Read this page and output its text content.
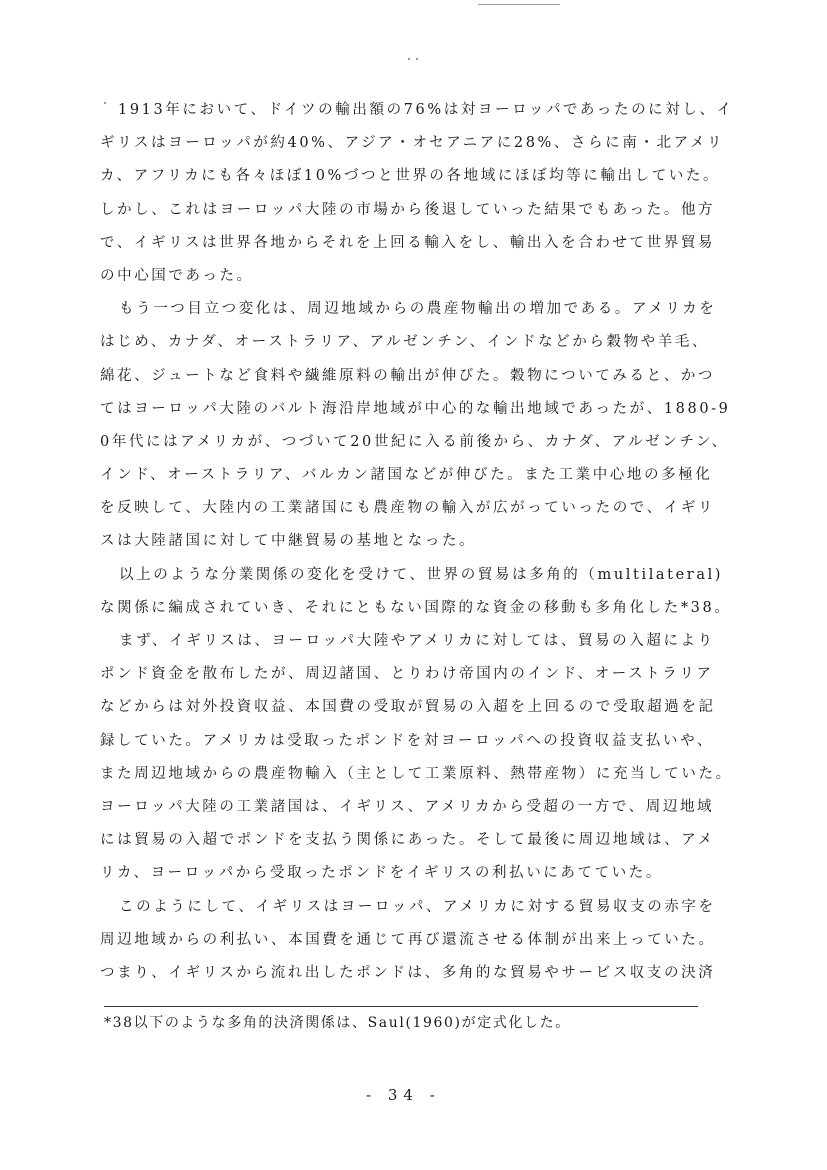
1913年において、ドイツの輸出額の76%は対ヨーロッパであったのに対し、イ
ギリスはヨーロッパが約40%、アジア・オセアニアに28%、さらに南・北アメリ
カ、アフリカにも各々ほぼ10%づつと世界の各地域にほぼ均等に輸出していた。
しかし、これはヨーロッパ大陸の市場から後退していった結果でもあった。他方
で、イギリスは世界各地からそれを上回る輸入をし、輸出入を合わせて世界貿易
の中心国であった。
もう一つ目立つ変化は、周辺地域からの農産物輸出の増加である。アメリカを
はじめ、カナダ、オーストラリア、アルゼンチン、インドなどから穀物や羊毛、
綿花、ジュートなど食料や繊維原料の輸出が伸びた。穀物についてみると、かつ
てはヨーロッパ大陸のバルト海沿岸地域が中心的な輸出地域であったが、1880-9
0年代にはアメリカが、つづいて20世紀に入る前後から、カナダ、アルゼンチン、
インド、オーストラリア、バルカン諸国などが伸びた。また工業中心地の多極化
を反映して、大陸内の工業諸国にも農産物の輸入が広がっていったので、イギリ
スは大陸諸国に対して中継貿易の基地となった。
以上のような分業関係の変化を受けて、世界の貿易は多角的（multilateral)
な関係に編成されていき、それにともない国際的な資金の移動も多角化した*38。
まず、イギリスは、ヨーロッパ大陸やアメリカに対しては、貿易の入超により
ポンド資金を散布したが、周辺諸国、とりわけ帝国内のインド、オーストラリア
などからは対外投資収益、本国費の受取が貿易の入超を上回るので受取超過を記
録していた。アメリカは受取ったポンドを対ヨーロッパへの投資収益支払いや、
また周辺地域からの農産物輸入（主として工業原料、熱帯産物）に充当していた。
ヨーロッパ大陸の工業諸国は、イギリス、アメリカから受超の一方で、周辺地域
には貿易の入超でポンドを支払う関係にあった。そして最後に周辺地域は、アメ
リカ、ヨーロッパから受取ったポンドをイギリスの利払いにあてていた。
このようにして、イギリスはヨーロッパ、アメリカに対する貿易収支の赤字を
周辺地域からの利払い、本国費を通じて再び還流させる体制が出来上っていた。
つまり、イギリスから流れ出したポンドは、多角的な貿易やサービス収支の決済
*38以下のような多角的決済関係は、Saul(1960)が定式化した。
- 34 -
